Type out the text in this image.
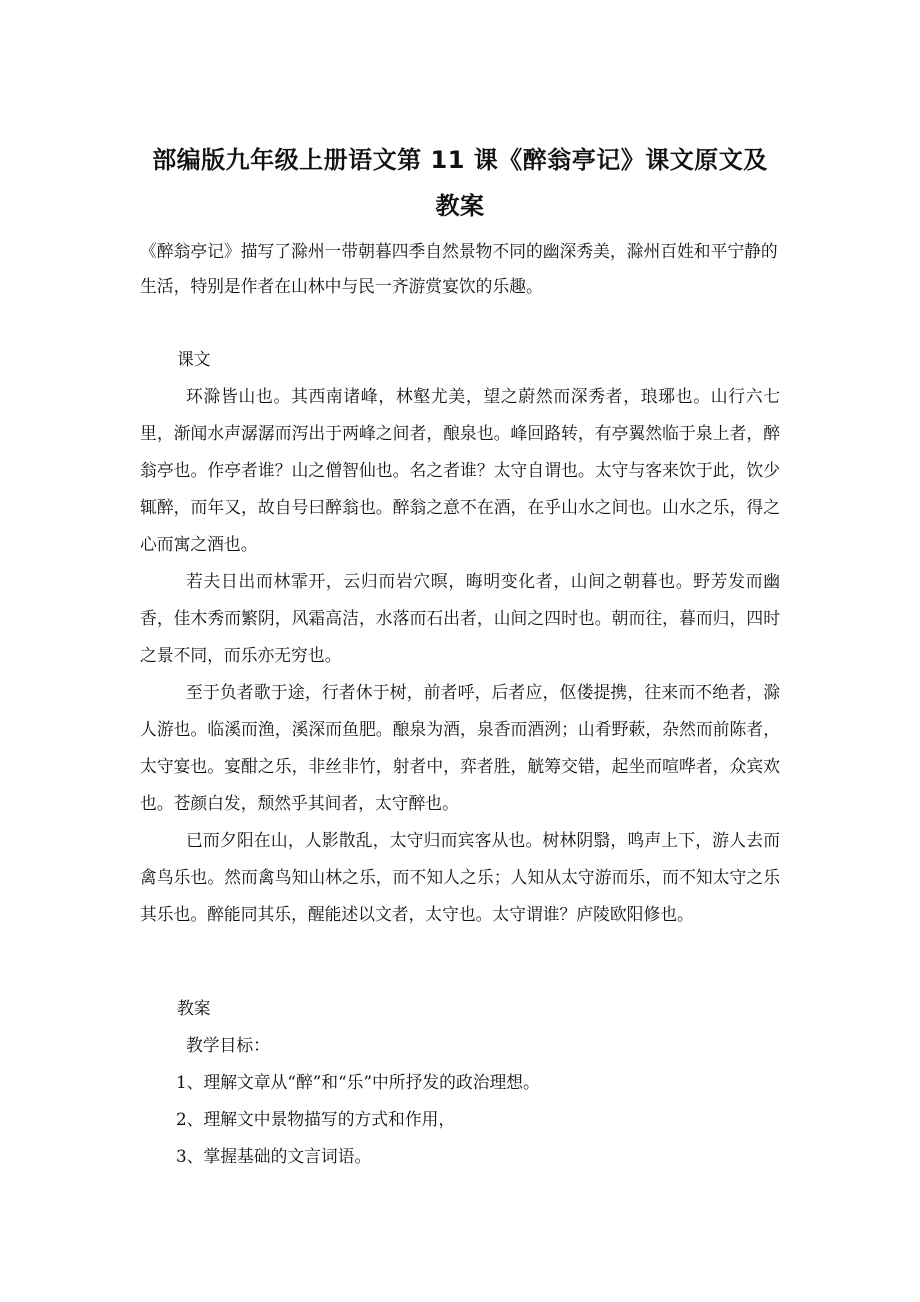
部编版九年级上册语文第 11 课《醉翁亭记》课文原文及教案

《醉翁亭记》描写了滁州一带朝暮四季自然景物不同的幽深秀美，滁州百姓和平宁静的生活，特别是作者在山林中与民一齐游赏宴饮的乐趣。

课文

环滁皆山也。其西南诸峰，林壑尤美，望之蔚然而深秀者，琅琊也。山行六七里，渐闻水声潺潺而泻出于两峰之间者，酿泉也。峰回路转，有亭翼然临于泉上者，醉翁亭也。作亭者谁？山之僧智仙也。名之者谁？太守自谓也。太守与客来饮于此，饮少辄醉，而年又，故自号曰醉翁也。醉翁之意不在酒，在乎山水之间也。山水之乐，得之心而寓之酒也。

若夫日出而林霏开，云归而岩穴暝，晦明变化者，山间之朝暮也。野芳发而幽香，佳木秀而繁阴，风霜高洁，水落而石出者，山间之四时也。朝而往，暮而归，四时之景不同，而乐亦无穷也。

至于负者歌于途，行者休于树，前者呼，后者应，伛偻提携，往来而不绝者，滁人游也。临溪而渔，溪深而鱼肥。酿泉为酒，泉香而酒洌；山肴野蔌，杂然而前陈者，太守宴也。宴酣之乐，非丝非竹，射者中，弈者胜，觥筹交错，起坐而喧哗者，众宾欢也。苍颜白发，颓然乎其间者，太守醉也。

已而夕阳在山，人影散乱，太守归而宾客从也。树林阴翳，鸣声上下，游人去而禽鸟乐也。然而禽鸟知山林之乐，而不知人之乐；人知从太守游而乐，而不知太守之乐其乐也。醉能同其乐，醒能述以文者，太守也。太守谓谁？庐陵欧阳修也。

教案

教学目标：

1、理解文章从“醉”和“乐”中所抒发的政治理想。

2、理解文中景物描写的方式和作用，

3、掌握基础的文言词语。
